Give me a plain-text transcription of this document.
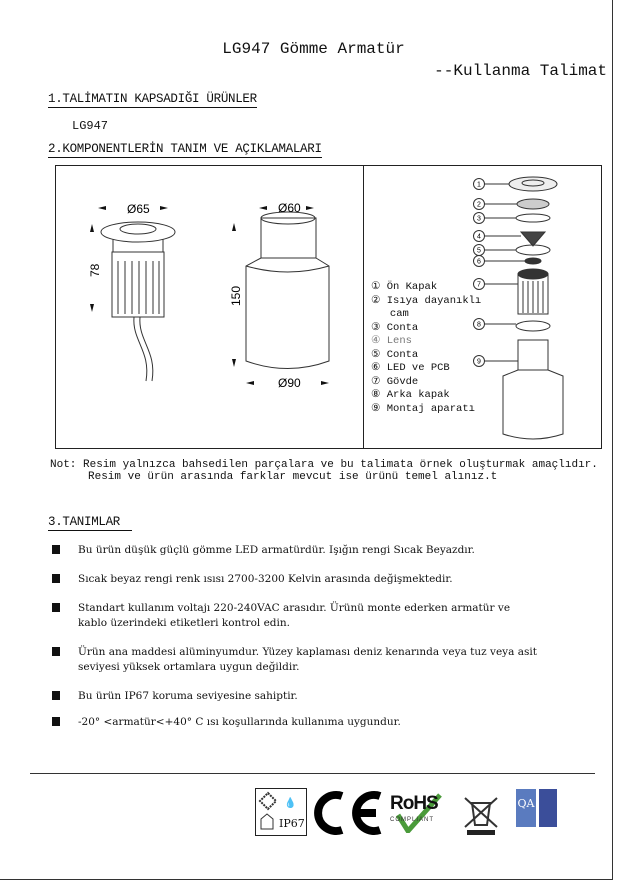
LG947 Gömme Armatür
--Kullanma Talimat
1.TALİMATIN KAPSADIĞI ÜRÜNLER
LG947
2.KOMPONENTLERİN TANIM VE AÇIKLAMALARI
Ø65	Ø60
Ø90
78
150
1
2
3
4
5
6
7
8
9
① Ön Kapak
② Isıya dayanıklı
cam
③ Conta
④ Lens
⑤ Conta
⑥ LED ve PCB
⑦ Gövde
⑧ Arka kapak
⑨ Montaj aparatı
Not: Resim yalnızca bahsedilen parçalara ve bu talimata örnek oluşturmak amaçlıdır.
Resim ve ürün arasında farklar mevcut ise ürünü temel alınız.t
3.TANIMLAR
Bu ürün düşük güçlü gömme LED armatürdür. Işığın rengi Sıcak Beyazdır.
Sıcak beyaz rengi renk ısısı 2700-3200 Kelvin arasında değişmektedir.
Standart kullanım voltajı 220-240VAC arasıdır. Ürünü monte ederken armatür ve
kablo üzerindeki etiketleri kontrol edin.
Ürün ana maddesi alüminyumdur. Yüzey kaplaması deniz kenarında veya tuz veya asit
seviyesi yüksek ortamlara uygun değildir.
Bu ürün IP67 koruma seviyesine sahiptir.
-20° <armatür<+40° C ısı koşullarında kullanıma uygundur.
💧
IP67
RoHS
COMPLIANT
QA
